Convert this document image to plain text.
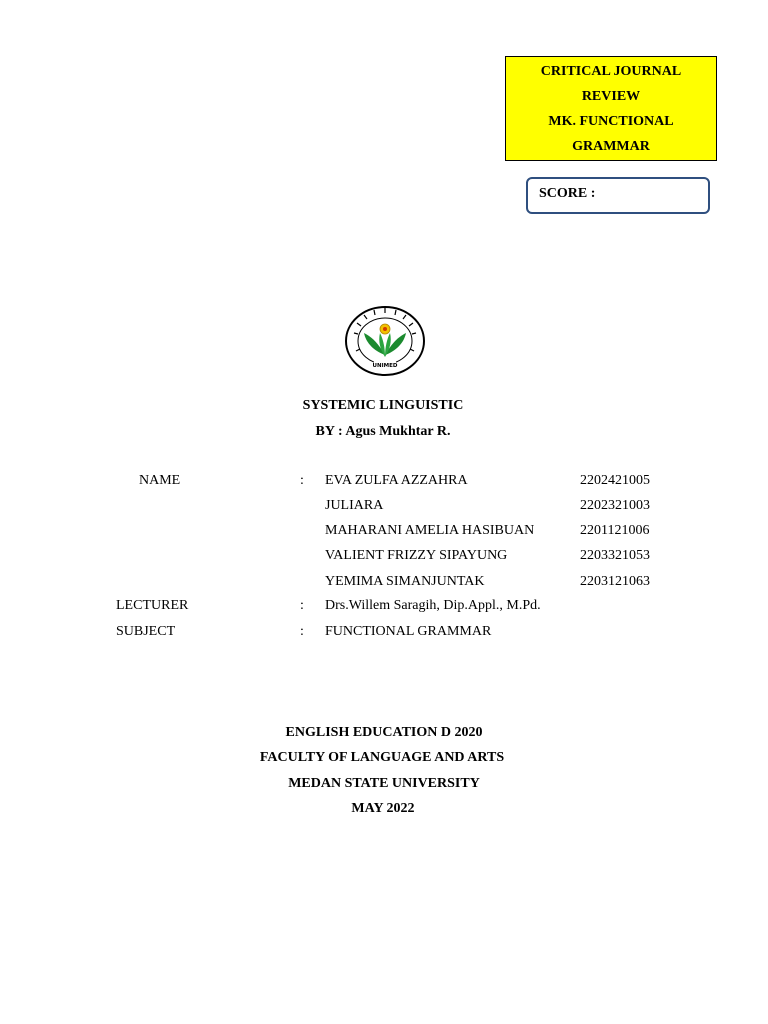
CRITICAL JOURNAL
REVIEW
MK. FUNCTIONAL
GRAMMAR
SCORE :
UNIMED
SYSTEMIC LINGUISTIC
BY : Agus Mukhtar R.
NAME	: EVA ZULFA AZZAHRA	2202421005
JULIARA	2202321003
MAHARANI AMELIA HASIBUAN	2201121006
VALIENT FRIZZY SIPAYUNG	2203321053
YEMIMA SIMANJUNTAK	2203121063
LECTURER	: Drs.Willem Saragih, Dip.Appl., M.Pd.
SUBJECT	: FUNCTIONAL GRAMMAR
ENGLISH EDUCATION D 2020
FACULTY OF LANGUAGE AND ARTS
MEDAN STATE UNIVERSITY
MAY 2022
